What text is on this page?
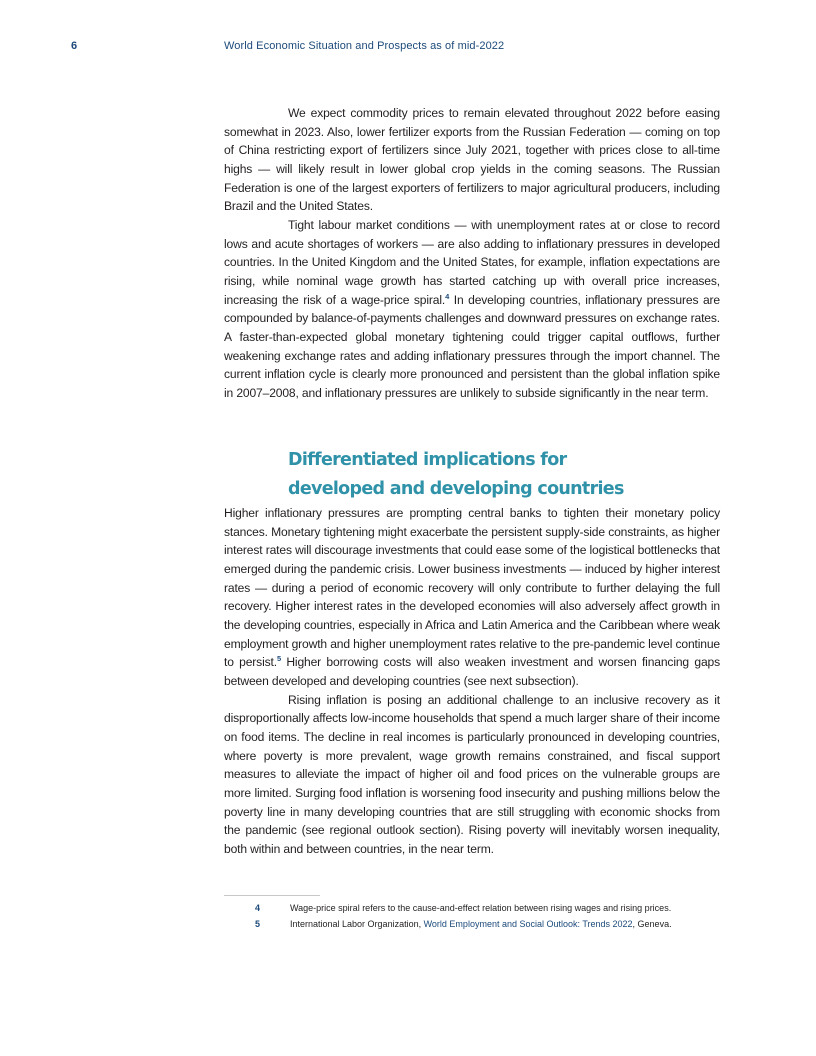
6	World Economic Situation and Prospects as of mid-2022

We expect commodity prices to remain elevated throughout 2022 before easing somewhat in 2023. Also, lower fertilizer exports from the Russian Federation — coming on top of China restricting export of fertilizers since July 2021, together with prices close to all-time highs — will likely result in lower global crop yields in the coming seasons. The Russian Federation is one of the largest exporters of fertilizers to major agricultural producers, including Brazil and the United States.

Tight labour market conditions — with unemployment rates at or close to record lows and acute shortages of workers — are also adding to inflationary pressures in developed countries. In the United Kingdom and the United States, for example, inflation expectations are rising, while nominal wage growth has started catching up with overall price increases, increasing the risk of a wage-price spiral.$^4$ In developing countries, inflationary pressures are compounded by balance-of-payments challenges and downward pressures on exchange rates. A faster-than-expected global monetary tightening could trigger capital outflows, further weakening exchange rates and adding inflationary pressures through the import channel. The current inflation cycle is clearly more pronounced and persistent than the global inflation spike in 2007–2008, and inflationary pressures are unlikely to subside significantly in the near term.

Differentiated implications for
developed and developing countries

Higher inflationary pressures are prompting central banks to tighten their monetary policy stances. Monetary tightening might exacerbate the persistent supply-side constraints, as higher interest rates will discourage investments that could ease some of the logistical bottlenecks that emerged during the pandemic crisis. Lower business investments — induced by higher interest rates — during a period of economic recovery will only contribute to further delaying the full recovery. Higher interest rates in the developed economies will also adversely affect growth in the developing countries, especially in Africa and Latin America and the Caribbean where weak employment growth and higher unemployment rates relative to the pre-pandemic level continue to persist.$^5$ Higher borrowing costs will also weaken investment and worsen financing gaps between developed and developing countries (see next subsection).

Rising inflation is posing an additional challenge to an inclusive recovery as it disproportionally affects low-income households that spend a much larger share of their income on food items. The decline in real incomes is particularly pronounced in developing countries, where poverty is more prevalent, wage growth remains constrained, and fiscal support measures to alleviate the impact of higher oil and food prices on the vulnerable groups are more limited. Surging food inflation is worsening food insecurity and pushing millions below the poverty line in many developing countries that are still struggling with economic shocks from the pandemic (see regional outlook section). Rising poverty will inevitably worsen inequality, both within and between countries, in the near term.

4	Wage-price spiral refers to the cause-and-effect relation between rising wages and rising prices.
5	International Labor Organization, World Employment and Social Outlook: Trends 2022, Geneva.
